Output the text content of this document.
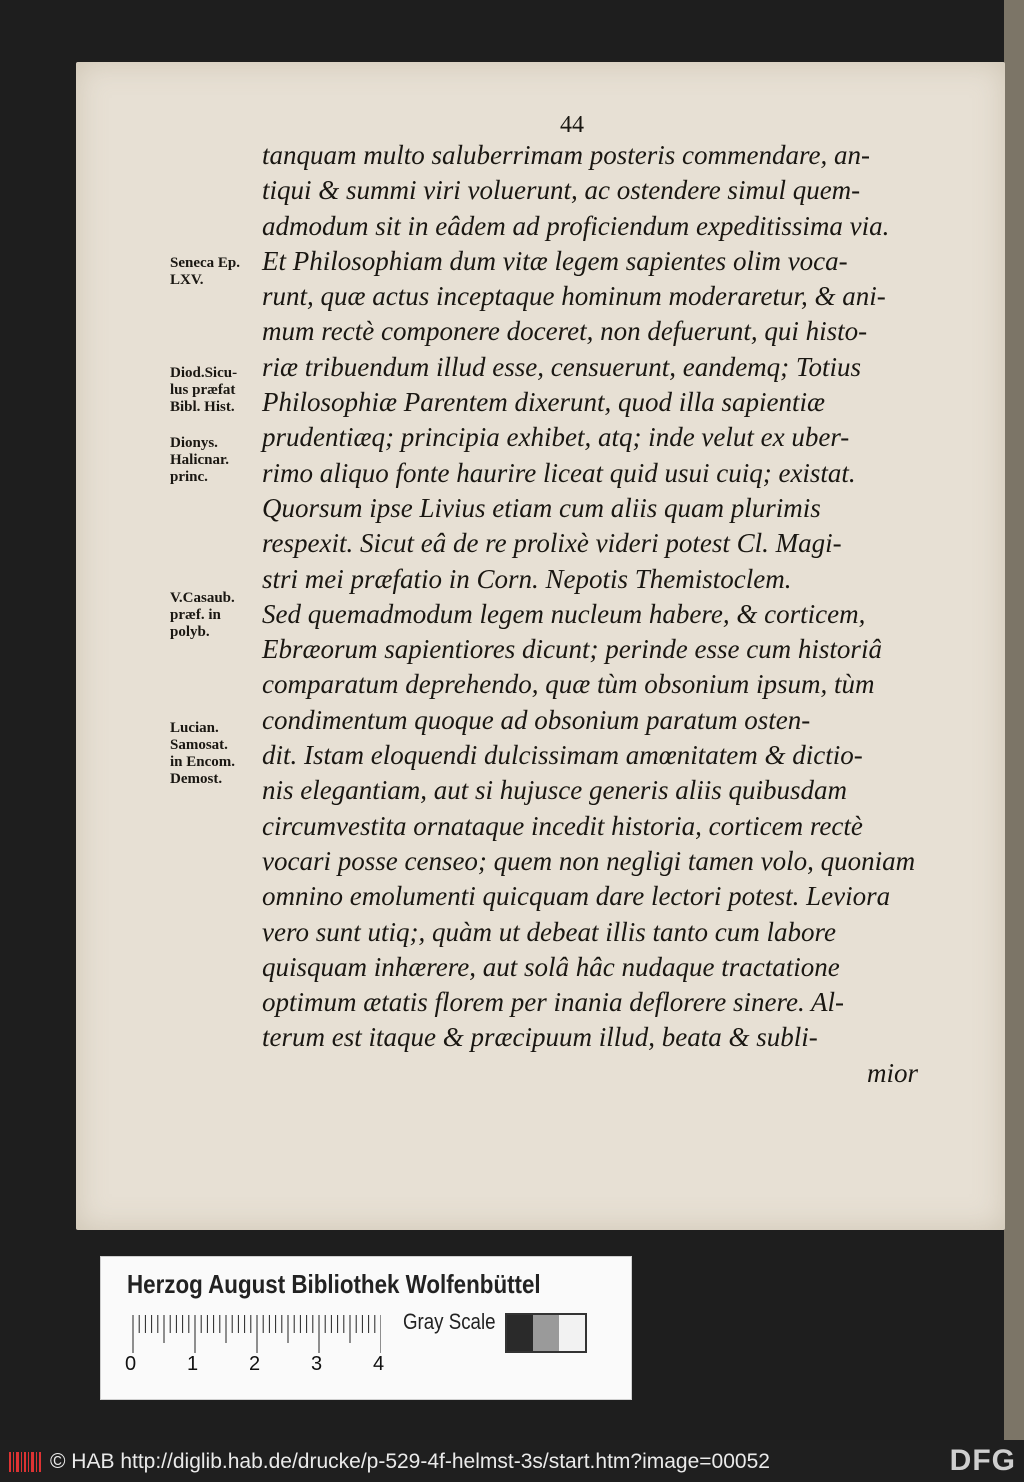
44
tanquam multo saluberrimam posteris commendare, an-
tiqui & summi viri voluerunt, ac ostendere simul quem-
admodum sit in eâdem ad proficiendum expeditissima via.
Et Philosophiam dum vitæ legem sapientes olim voca-
runt, quæ actus inceptaque hominum moderaretur, & ani-
mum rectè componere doceret, non defuerunt, qui histo-
riæ tribuendum illud esse, censuerunt, eandemq; Totius
Philosophiæ Parentem dixerunt, quod illa sapientiæ
prudentiæq; principia exhibet, atq; inde velut ex uber-
rimo aliquo fonte haurire liceat quid usui cuiq; existat.
Quorsum ipse Livius etiam cum aliis quam plurimis
respexit. Sicut eâ de re prolixè videri potest Cl. Magi-
stri mei præfatio in Corn. Nepotis Themistoclem.
Sed quemadmodum legem nucleum habere, & corticem,
Ebræorum sapientiores dicunt; perinde esse cum historiâ
comparatum deprehendo, quæ tùm obsonium ipsum, tùm
condimentum quoque ad obsonium paratum osten-
dit. Istam eloquendi dulcissimam amœnitatem & dictio-
nis elegantiam, aut si hujusce generis aliis quibusdam
circumvestita ornataque incedit historia, corticem rectè
vocari posse censeo; quem non negligi tamen volo, quoniam
omnino emolumenti quicquam dare lectori potest. Leviora
vero sunt utiq;, quàm ut debeat illis tanto cum labore
quisquam inhærere, aut solâ hâc nudaque tractatione
optimum ætatis florem per inania deflorere sinere. Al-
terum est itaque & præcipuum illud, beata & subli-
mior
Seneca Ep.
LXV.
Diod.Sicu-
lus præfat
Bibl. Hist.
Dionys.
Halicnar.
princ.
V.Casaub.
præf. in
polyb.
Lucian.
Samosat.
in Encom.
Demost.
Herzog August Bibliothek Wolfenbüttel
0	1	2	3	4
Gray Scale
© HAB http://diglib.hab.de/drucke/p-529-4f-helmst-3s/start.htm?image=00052	DFG
